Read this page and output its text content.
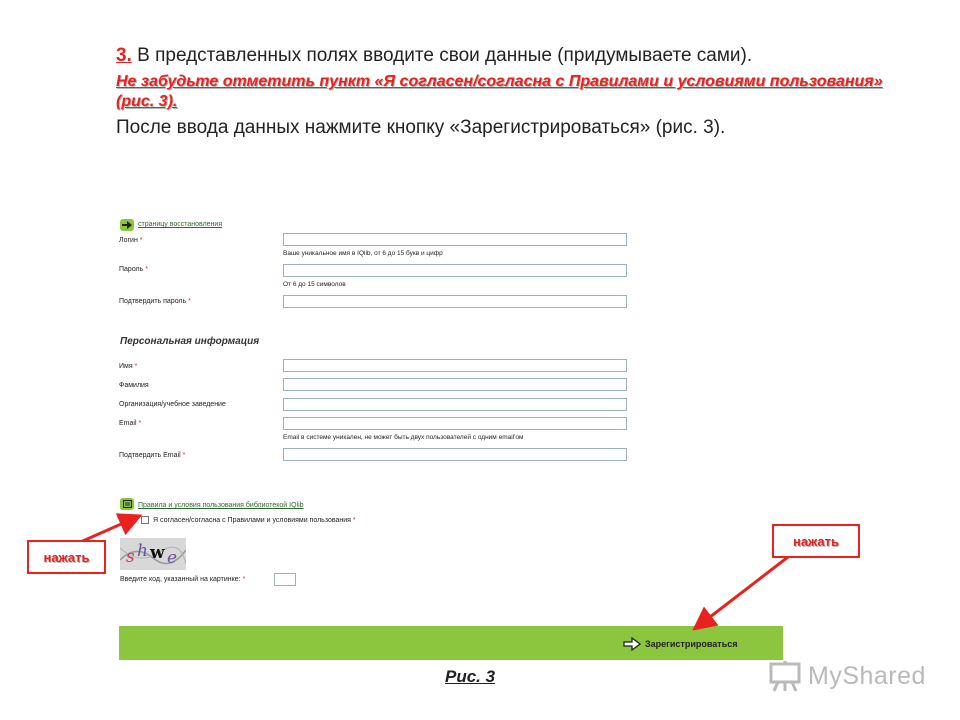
3. В представленных полях вводите свои данные (придумываете сами).
Не забудьте отметить пункт «Я согласен/согласна с Правилами и условиями пользования» (рис. 3).
После ввода данных нажмите кнопку «Зарегистрироваться» (рис. 3).
страницу восстановления
Логин *
Ваше уникальное имя в IQlib, от 6 до 15 букв и цифр
Пароль *
От 6 до 15 символов
Подтвердить пароль *
Персональная информация
Имя *
Фамилия
Организация/учебное заведение
Email *
Email в системе уникален, не может быть двух пользователей с одним email'ом
Подтвердить Email *
Правила и условия пользования библиотекой IQlib
Я согласен/согласна с Правилами и условиями пользования *
s h w e
Введите код, указанный на картинке: *
Зарегистрироваться
нажать
нажать
Рис. 3	MyShared
